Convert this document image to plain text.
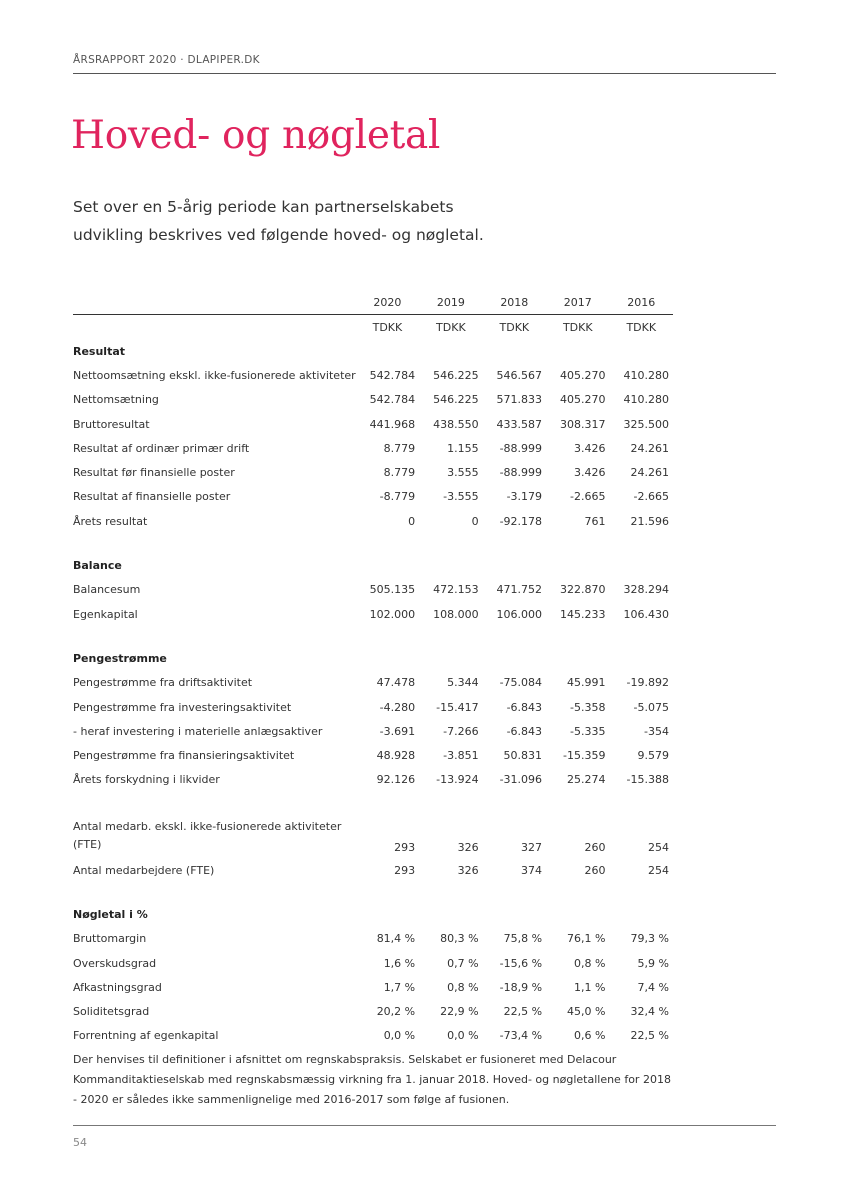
ÅRSRAPPORT 2020 · DLAPIPER.DK
Hoved- og nøgletal

Set over en 5-årig periode kan partnerselskabets udvikling beskrives ved følgende hoved- og nøgletal.

	2020	2019	2018	2017	2016
	TDKK	TDKK	TDKK	TDKK	TDKK
Resultat					
Nettoomsætning ekskl. ikke-fusionerede aktiviteter	542.784	546.225	546.567	405.270	410.280
Nettomsætning	542.784	546.225	571.833	405.270	410.280
Bruttoresultat	441.968	438.550	433.587	308.317	325.500
Resultat af ordinær primær drift	8.779	1.155	-88.999	3.426	24.261
Resultat før finansielle poster	8.779	3.555	-88.999	3.426	24.261
Resultat af finansielle poster	-8.779	-3.555	-3.179	-2.665	-2.665
Årets resultat	0	0	-92.178	761	21.596

Balance					
Balancesum	505.135	472.153	471.752	322.870	328.294
Egenkapital	102.000	108.000	106.000	145.233	106.430

Pengestrømme					
Pengestrømme fra driftsaktivitet	47.478	5.344	-75.084	45.991	-19.892
Pengestrømme fra investeringsaktivitet	-4.280	-15.417	-6.843	-5.358	-5.075
- heraf investering i materielle anlægsaktiver	-3.691	-7.266	-6.843	-5.335	-354
Pengestrømme fra finansieringsaktivitet	48.928	-3.851	50.831	-15.359	9.579
Årets forskydning i likvider	92.126	-13.924	-31.096	25.274	-15.388

Antal medarb. ekskl. ikke-fusionerede aktiviteter (FTE)	293	326	327	260	254
Antal medarbejdere (FTE)	293	326	374	260	254

Nøgletal i %					
Bruttomargin	81,4 %	80,3 %	75,8 %	76,1 %	79,3 %
Overskudsgrad	1,6 %	0,7 %	-15,6 %	0,8 %	5,9 %
Afkastningsgrad	1,7 %	0,8 %	-18,9 %	1,1 %	7,4 %
Soliditetsgrad	20,2 %	22,9 %	22,5 %	45,0 %	32,4 %
Forrentning af egenkapital	0,0 %	0,0 %	-73,4 %	0,6 %	22,5 %

Der henvises til definitioner i afsnittet om regnskabspraksis. Selskabet er fusioneret med Delacour Kommanditaktieselskab med regnskabsmæssig virkning fra 1. januar 2018. Hoved- og nøgletallene for 2018 - 2020 er således ikke sammenlignelige med 2016-2017 som følge af fusionen.

54
